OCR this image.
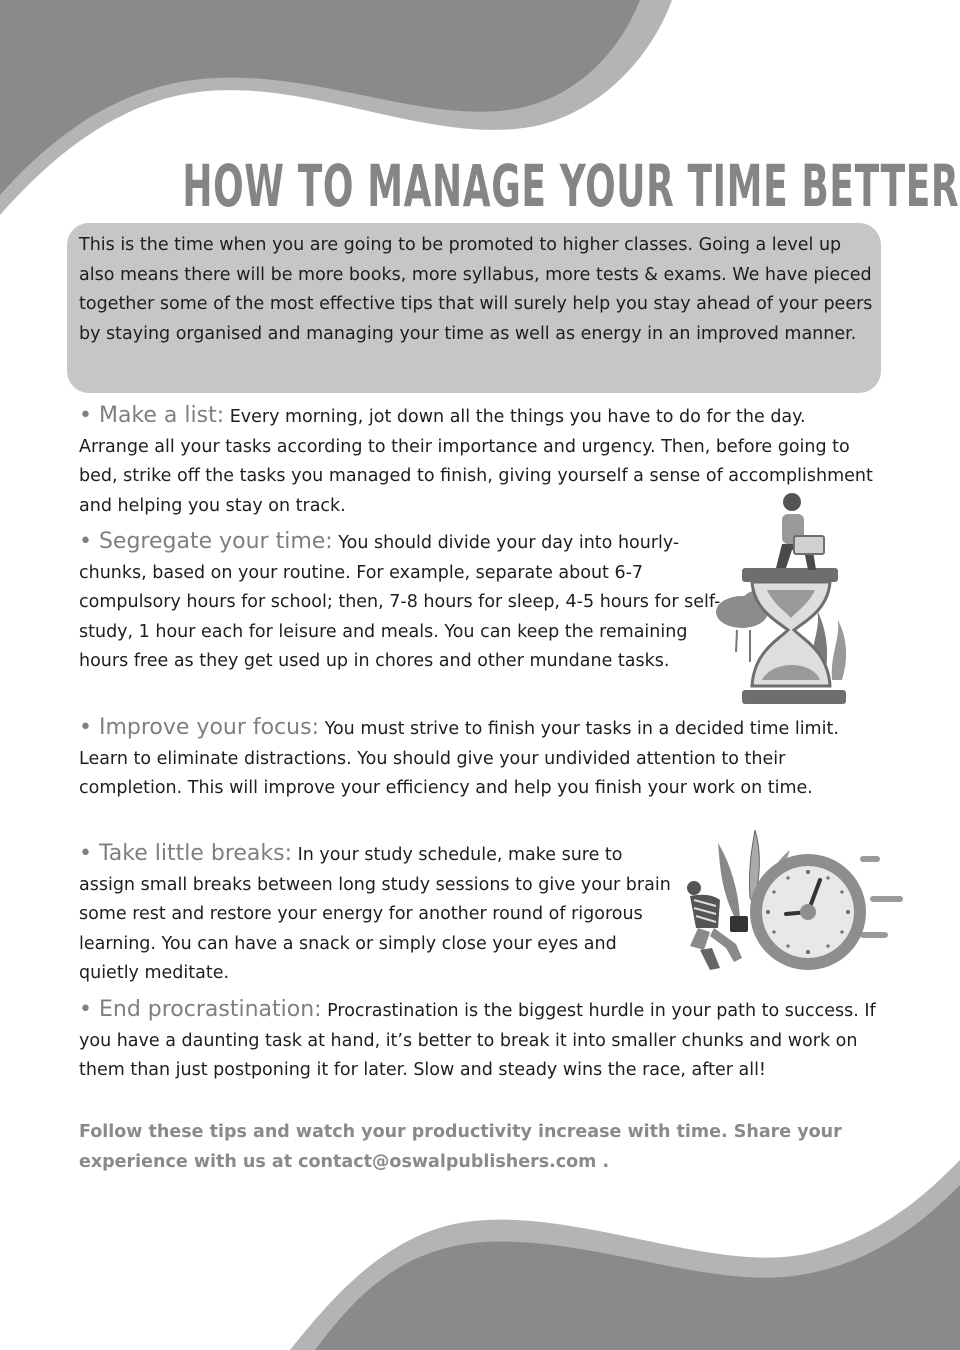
HOW TO MANAGE YOUR TIME BETTER
This is the time when you are going to be promoted to higher classes. Going a level up also means there will be more books, more syllabus, more tests & exams. We have pieced together some of the most effective tips that will surely help you stay ahead of your peers by staying organised and managing your time as well as energy in an improved manner.
• Make a list: Every morning, jot down all the things you have to do for the day. Arrange all your tasks according to their importance and urgency. Then, before going to bed, strike off the tasks you managed to finish, giving yourself a sense of accomplishment and helping you stay on track.
• Segregate your time: You should divide your day into hourly-chunks, based on your routine. For example, separate about 6-7 compulsory hours for school; then, 7-8 hours for sleep, 4-5 hours for self-study, 1 hour each for leisure and meals. You can keep the remaining hours free as they get used up in chores and other mundane tasks.
• Improve your focus: You must strive to finish your tasks in a decided time limit. Learn to eliminate distractions. You should give your undivided attention to their completion. This will improve your efficiency and help you finish your work on time.
• Take little breaks: In your study schedule, make sure to assign small breaks between long study sessions to give your brain some rest and restore your energy for another round of rigorous learning. You can have a snack or simply close your eyes and quietly meditate.
• End procrastination: Procrastination is the biggest hurdle in your path to success. If you have a daunting task at hand, it’s better to break it into smaller chunks and work on them than just postponing it for later. Slow and steady wins the race, after all!
Follow these tips and watch your productivity increase with time. Share your experience with us at contact@oswalpublishers.com .
